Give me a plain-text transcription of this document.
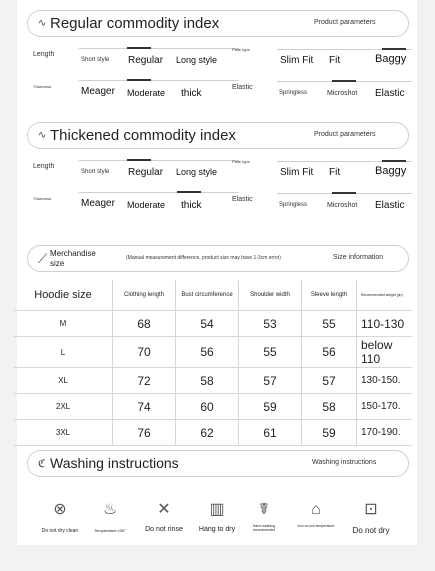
∿ Regular commodity index	Product parameters
Length
Short style Regular Long style
Plate type
Slim Fit Fit	Baggy
Thickness	Meager Moderate thick
Elastic
Springless	Microshot Elastic
∿ Thickened commodity index	Product parameters
Length
Short style Regular Long style
Plate type
Slim Fit Fit	Baggy
Thickness	Meager Moderate thick
Elastic
Springless	Microshot Elastic
⟋ Merchandise size
(Manual measurement difference, product size may have 1-3cm error)	Size information
Hoodie size	Clothing length	Bust circumference	Shoulder width	Sleeve length	Recommended weight (jin)
M	68	54	53	55	110-130
L	70	56	55	56	below 110
XL	72	58	57	57	130-150.
2XL	74	60	59	58	150-170.
3XL	76	62	61	59	170-190.
ℭ Washing instructions	Washing instructions
⊗
Do not dry clean
♨
Temperature ≤30°
✕
Do not rinse
▥
Hang to dry
☤
Hand washing recommended
⌂
Iron on low temperature
⊡
Do not dry
